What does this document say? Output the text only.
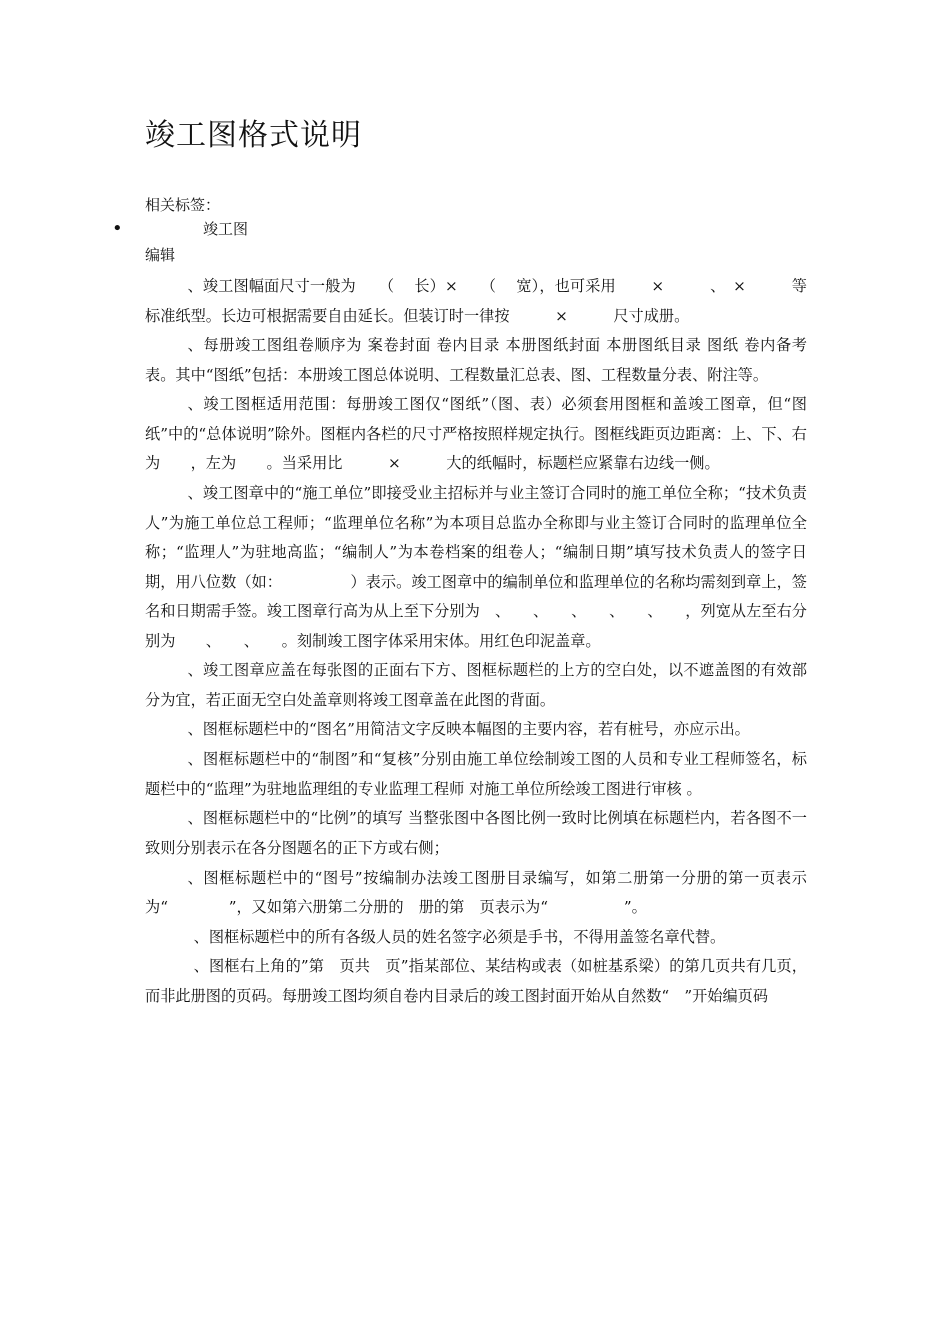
竣工图格式说明
相关标签：
•	竣工图
编辑

、竣工图幅面尺寸一般为　　（　 长）×　　（　 宽），也可采用　　 ×　　　、　×　　　等标准纸型。长边可根据需要自由延长。但装订时一律按　　　×　　　尺寸成册。

、每册竣工图组卷顺序为 案卷封面 卷内目录 本册图纸封面 本册图纸目录 图纸 卷内备考表。其中“图纸”包括：本册竣工图总体说明、工程数量汇总表、图、工程数量分表、附注等。

、竣工图框适用范围：每册竣工图仅“图纸”（图、表）必须套用图框和盖竣工图章，但“图纸”中的“总体说明”除外。图框内各栏的尺寸严格按照样规定执行。图框线距页边距离：上、下、右为　　，左为　　。当采用比　　　×　　　大的纸幅时，标题栏应紧靠右边线一侧。

、竣工图章中的“施工单位”即接受业主招标并与业主签订合同时的施工单位全称；“技术负责人”为施工单位总工程师；“监理单位名称”为本项目总监办全称即与业主签订合同时的监理单位全称；“监理人”为驻地高监；“编制人”为本卷档案的组卷人；“编制日期”填写技术负责人的签字日期，用八位数（如：　　　　　）表示。竣工图章中的编制单位和监理单位的名称均需刻到章上，签名和日期需手签。竣工图章行高为从上至下分别为　、　　、　　、　　、　　、　　，列宽从左至右分别为　　、　　、　　。刻制竣工图字体采用宋体。用红色印泥盖章。

、竣工图章应盖在每张图的正面右下方、图框标题栏的上方的空白处，以不遮盖图的有效部分为宜，若正面无空白处盖章则将竣工图章盖在此图的背面。

、图框标题栏中的“图名”用简洁文字反映本幅图的主要内容，若有桩号，亦应示出。

、图框标题栏中的“制图”和“复核”分别由施工单位绘制竣工图的人员和专业工程师签名，标题栏中的“监理”为驻地监理组的专业监理工程师 对施工单位所绘竣工图进行审核 。

、图框标题栏中的“比例”的填写 当整张图中各图比例一致时比例填在标题栏内，若各图不一致则分别表示在各分图题名的正下方或右侧；

、图框标题栏中的“图号”按编制办法竣工图册目录编写，如第二册第一分册的第一页表示为“　　　　”，又如第六册第二分册的　册的第　页表示为“　　　　　”。

、图框标题栏中的所有各级人员的姓名签字必须是手书，不得用盖签名章代替。

、图框右上角的”第　页共　页”指某部位、某结构或表（如桩基系梁）的第几页共有几页，而非此册图的页码。每册竣工图均须自卷内目录后的竣工图封面开始从自然数“　”开始编页码
